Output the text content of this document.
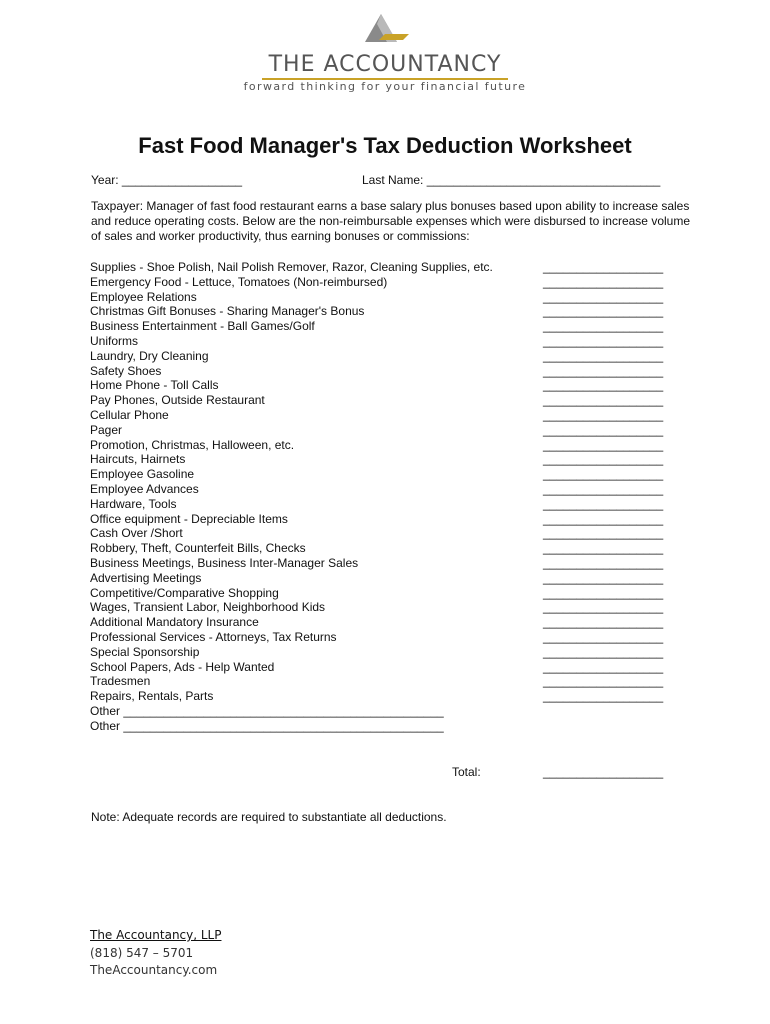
THE ACCOUNTANCY
forward thinking for your financial future
Fast Food Manager's Tax Deduction Worksheet
Year: __________________	Last Name: ___________________________________
Taxpayer: Manager of fast food restaurant earns a base salary plus bonuses based upon ability to increase sales and reduce operating costs. Below are the non-reimbursable expenses which were disbursed to increase volume of sales and worker productivity, thus earning bonuses or commissions:
Supplies - Shoe Polish, Nail Polish Remover, Razor, Cleaning Supplies, etc.
Emergency Food - Lettuce, Tomatoes (Non-reimbursed)
Employee Relations
Christmas Gift Bonuses - Sharing Manager's Bonus
Business Entertainment - Ball Games/Golf
Uniforms
Laundry, Dry Cleaning
Safety Shoes
Home Phone - Toll Calls
Pay Phones, Outside Restaurant
Cellular Phone
Pager
Promotion, Christmas, Halloween, etc.
Haircuts, Hairnets
Employee Gasoline
Employee Advances
Hardware, Tools
Office equipment - Depreciable Items
Cash Over /Short
Robbery, Theft, Counterfeit Bills, Checks
Business Meetings, Business Inter-Manager Sales
Advertising Meetings
Competitive/Comparative Shopping
Wages, Transient Labor, Neighborhood Kids
Additional Mandatory Insurance
Professional Services - Attorneys, Tax Returns
Special Sponsorship
School Papers, Ads - Help Wanted
Tradesmen
Repairs, Rentals, Parts
Other ________________________________________________
Other ________________________________________________
__________________
__________________
__________________
__________________
__________________
__________________
__________________
__________________
__________________
__________________
__________________
__________________
__________________
__________________
__________________
__________________
__________________
__________________
__________________
__________________
__________________
__________________
__________________
__________________
__________________
__________________
__________________
__________________
__________________
__________________
Total:	__________________
Note: Adequate records are required to substantiate all deductions.
The Accountancy, LLP
(818) 547 – 5701
TheAccountancy.com
